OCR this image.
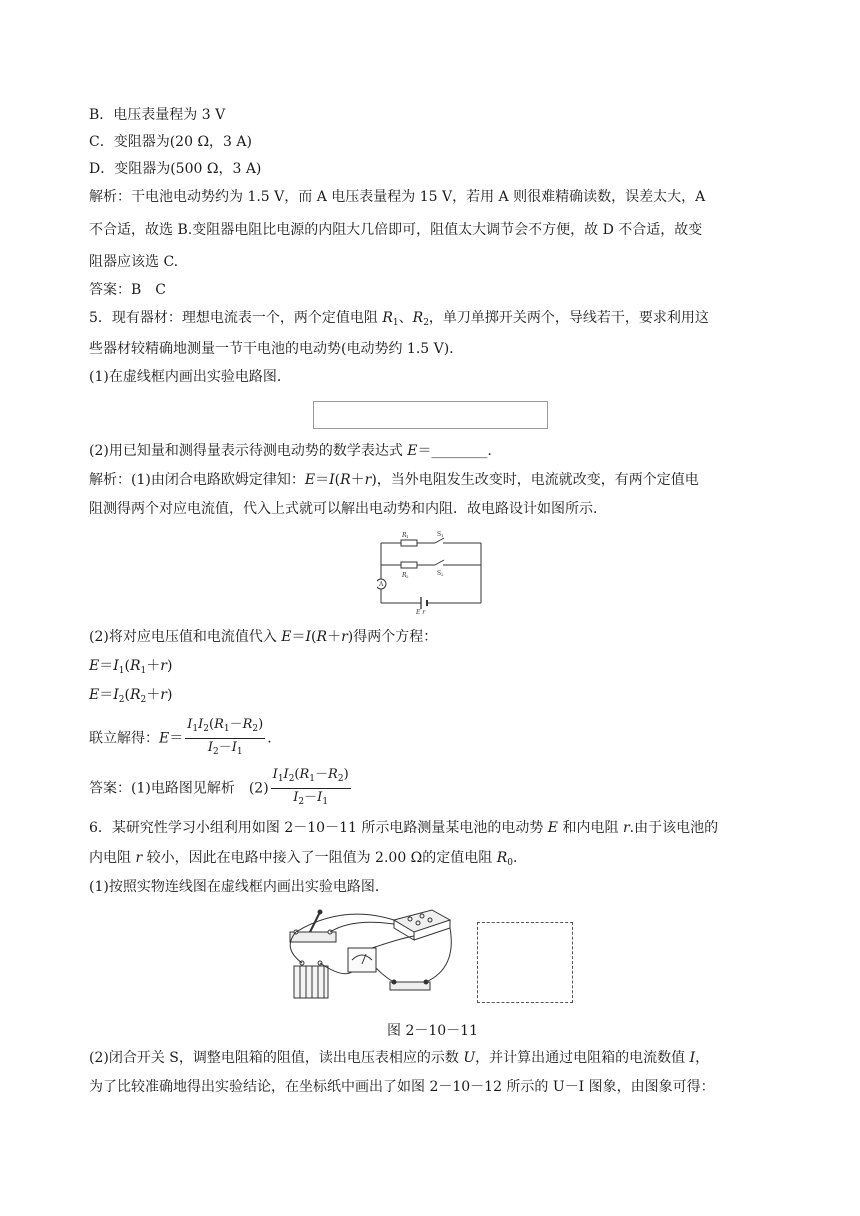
B．电压表量程为 3 V
C．变阻器为(20 Ω，3 A)
D．变阻器为(500 Ω，3 A)
解析：干电池电动势约为 1.5 V，而 A 电压表量程为 15 V，若用 A 则很难精确读数，误差太大，A
不合适，故选 B.变阻器电阻比电源的内阻大几倍即可，阻值太大调节会不方便，故 D 不合适，故变
阻器应该选 C.
答案：B　C
5．现有器材：理想电流表一个，两个定值电阻 $R_1$、$R_2$，单刀单掷开关两个，导线若干，要求利用这
些器材较精确地测量一节干电池的电动势(电动势约 1.5 V)．
(1)在虚线框内画出实验电路图．
(2)用已知量和测得量表示待测电动势的数学表达式 E＝________．
解析：(1)由闭合电路欧姆定律知：E＝I(R＋r)，当外电阻发生改变时，电流就改变，有两个定值电
阻测得两个对应电流值，代入上式就可以解出电动势和内阻．故电路设计如图所示．
R 1	S 1
R 2	S 2
A
E r
(2)将对应电压值和电流值代入 E＝I(R＋r)得两个方程：
$E=I_1(R_1+r)$
$E=I_2(R_2+r)$
联立解得：$E= \frac{I_1I_2(R_1-R_2)}{I_2-I_1}$ .
答案：(1)电路图见解析　$(2) \frac{I_1I_2(R_1-R_2)}{I_2-I_1}$
6．某研究性学习小组利用如图 2－10－11 所示电路测量某电池的电动势 E 和内电阻 r.由于该电池的
内电阻 r 较小，因此在电路中接入了一阻值为 2.00 Ω的定值电阻 $R_0$.
(1)按照实物连线图在虚线框内画出实验电路图．
图 2－10－11
(2)闭合开关 S，调整电阻箱的阻值，读出电压表相应的示数 U，并计算出通过电阻箱的电流数值 I，
为了比较准确地得出实验结论，在坐标纸中画出了如图 2－10－12 所示的 U－I 图象，由图象可得：
